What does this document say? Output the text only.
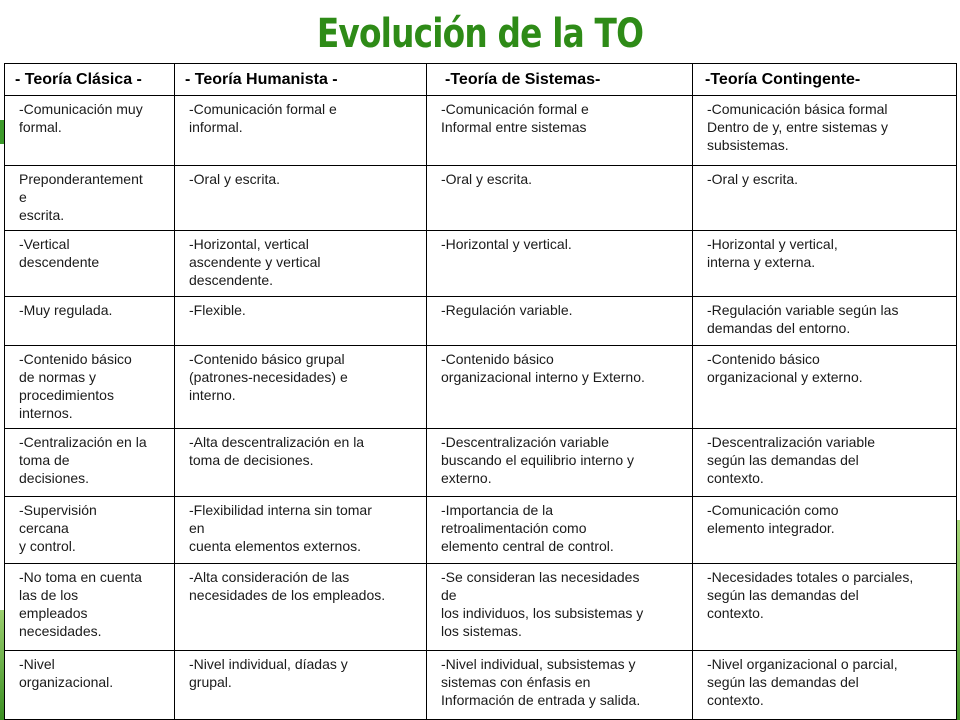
Evolución de la TO
- Teoría Clásica -	- Teoría Humanista -	-Teoría de Sistemas-	-Teoría Contingente-
-Comunicación muy
formal.	-Comunicación formal e
informal.	-Comunicación formal e
Informal entre sistemas	-Comunicación básica formal
Dentro de y, entre sistemas y
subsistemas.
Preponderantement
e
escrita.	-Oral y escrita.	-Oral y escrita.	-Oral y escrita.
-Vertical
descendente	-Horizontal, vertical
ascendente y vertical
descendente.	-Horizontal y vertical.	-Horizontal y vertical,
interna y externa.
-Muy regulada.	-Flexible.	-Regulación variable.	-Regulación variable según las
demandas del entorno.
-Contenido básico
de normas y
procedimientos
internos.	-Contenido básico grupal
(patrones-necesidades) e
interno.	-Contenido básico
organizacional interno y Externo.	-Contenido básico
organizacional y externo.
-Centralización en la
toma de
decisiones.	-Alta descentralización en la
toma de decisiones.	-Descentralización variable
buscando el equilibrio interno y
externo.	-Descentralización variable
según las demandas del
contexto.
-Supervisión
cercana
y control.	-Flexibilidad interna sin tomar
en
cuenta elementos externos.	-Importancia de la
retroalimentación como
elemento central de control.	-Comunicación como
elemento integrador.
-No toma en cuenta
las de los
empleados
necesidades.	-Alta consideración de las
necesidades de los empleados.	-Se consideran las necesidades
de
los individuos, los subsistemas y
los sistemas.	-Necesidades totales o parciales,
según las demandas del
contexto.
-Nivel
organizacional.	-Nivel individual, díadas y
grupal.	-Nivel individual, subsistemas y
sistemas con énfasis en
Información de entrada y salida.	-Nivel organizacional o parcial,
según las demandas del
contexto.
